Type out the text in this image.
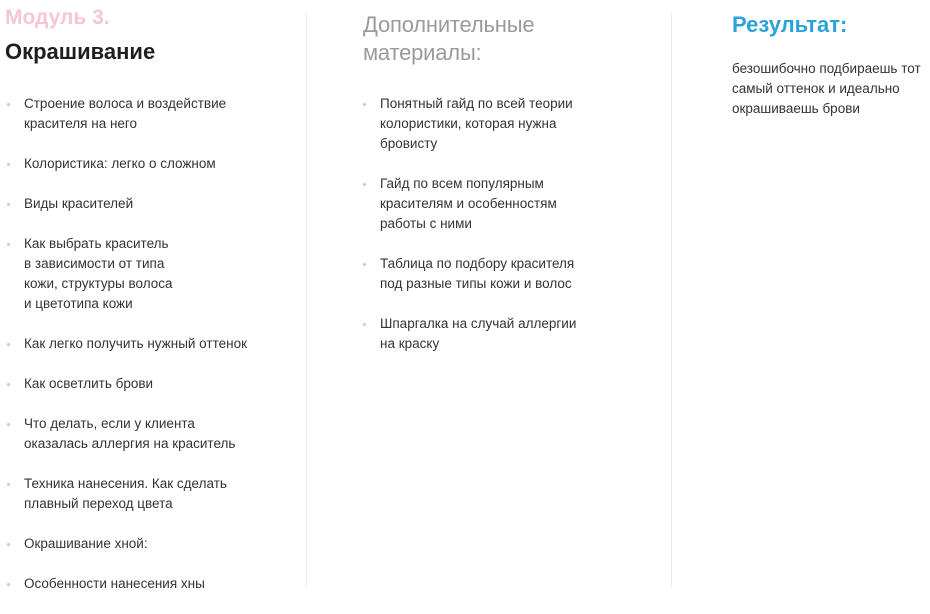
Модуль 3.
Окрашивание
Строение волоса и воздействие
красителя на него
Колористика: легко о сложном
Виды красителей
Как выбрать краситель
в зависимости от типа
кожи, структуры волоса
и цветотипа кожи
Как легко получить нужный оттенок
Как осветлить брови
Что делать, если у клиента
оказалась аллергия на краситель
Техника нанесения. Как сделать
плавный переход цвета
Окрашивание хной:
Особенности нанесения хны
Дополнительные материалы:
Понятный гайд по всей теории
колористики, которая нужна
бровисту
Гайд по всем популярным
красителям и особенностям
работы с ними
Таблица по подбору красителя
под разные типы кожи и волос
Шпаргалка на случай аллергии
на краску
Результат:
безошибочно подбираешь тот самый оттенок и идеально окрашиваешь брови
